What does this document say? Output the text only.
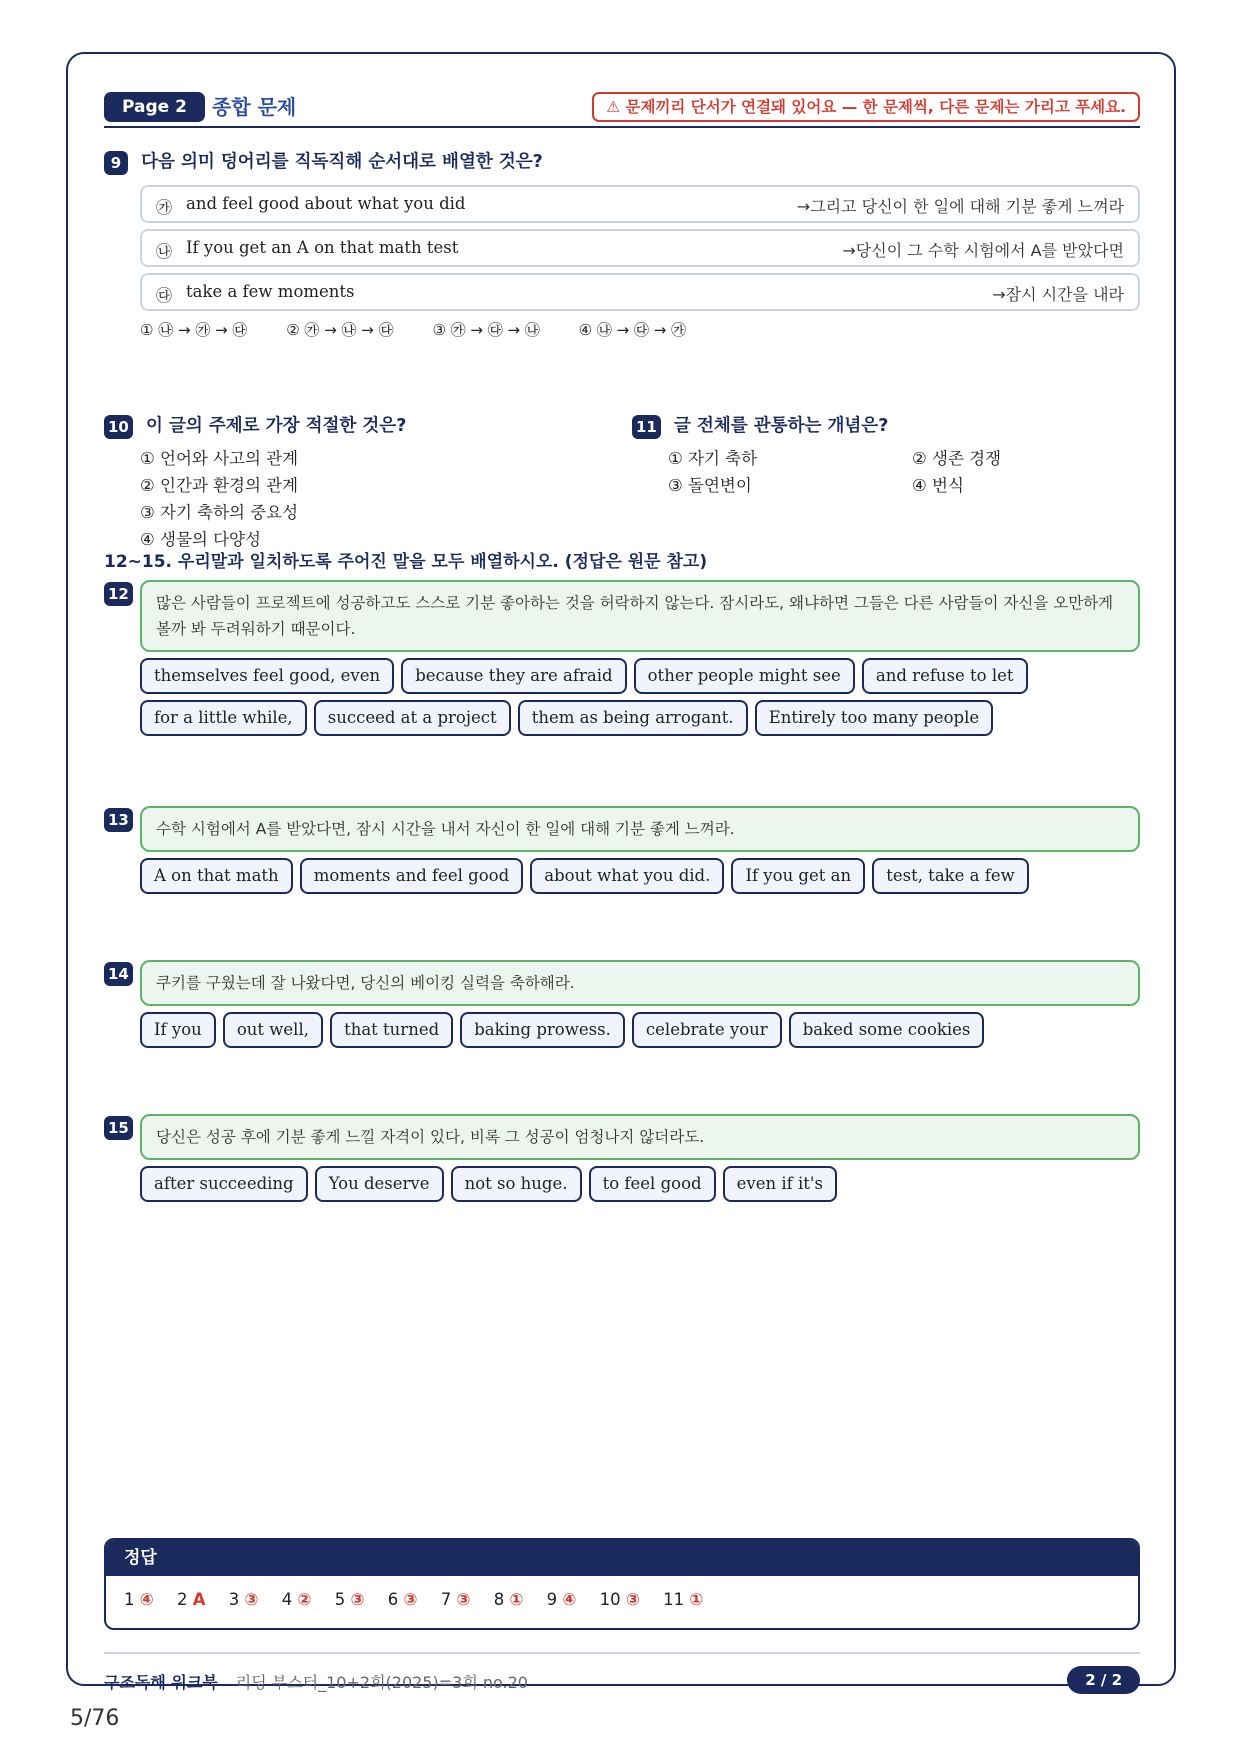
Page 2	종합 문제	⚠ 문제끼리 단서가 연결돼 있어요 — 한 문제씩, 다른 문제는 가리고 푸세요.
9 다음 의미 덩어리를 직독직해 순서대로 배열한 것은?
㉮ and feel good about what you did	→그리고 당신이 한 일에 대해 기분 좋게 느껴라
㉯ If you get an A on that math test	→당신이 그 수학 시험에서 A를 받았다면
㉰ take a few moments	→잠시 시간을 내라
① ㉯ → ㉮ → ㉰	② ㉮ → ㉯ → ㉰	③ ㉮ → ㉰ → ㉯	④ ㉯ → ㉰ → ㉮
10 이 글의 주제로 가장 적절한 것은?
① 언어와 사고의 관계
② 인간과 환경의 관계
③ 자기 축하의 중요성
④ 생물의 다양성
11 글 전체를 관통하는 개념은?
① 자기 축하	② 생존 경쟁
③ 돌연변이	④ 번식
12~15. 우리말과 일치하도록 주어진 말을 모두 배열하시오. (정답은 원문 참고)
12	많은 사람들이 프로젝트에 성공하고도 스스로 기분 좋아하는 것을 허락하지 않는다. 잠시라도, 왜냐하면 그들은 다른 사람들이 자신을 오만하게 볼까 봐 두려워하기 때문이다.
themselves feel good, even because they are afraid other people might see and refuse to let for a little while, succeed at a project them as being arrogant. Entirely too many people
13	수학 시험에서 A를 받았다면, 잠시 시간을 내서 자신이 한 일에 대해 기분 좋게 느껴라.
A on that math moments and feel good about what you did. If you get an test, take a few
14	쿠키를 구웠는데 잘 나왔다면, 당신의 베이킹 실력을 축하해라.
If you out well, that turned baking prowess. celebrate your baked some cookies
15	당신은 성공 후에 기분 좋게 느낄 자격이 있다, 비록 그 성공이 엄청나지 않더라도.
after succeeding You deserve not so huge. to feel good even if it's
정답
1 ④ 2 A 3 ③ 4 ② 5 ③ 6 ③ 7 ③ 8 ① 9 ④ 10 ③ 11 ①
구조독해 워크북 리딩 부스터_10+2회(2025)=3회 no.20	2 / 2
5/76
